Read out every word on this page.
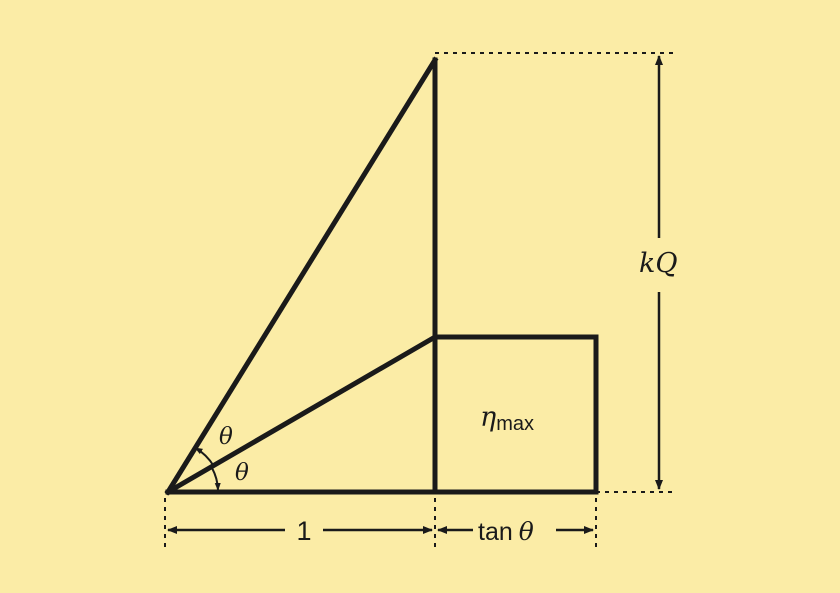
θ
θ
ηmax
kQ
1	tan θ
